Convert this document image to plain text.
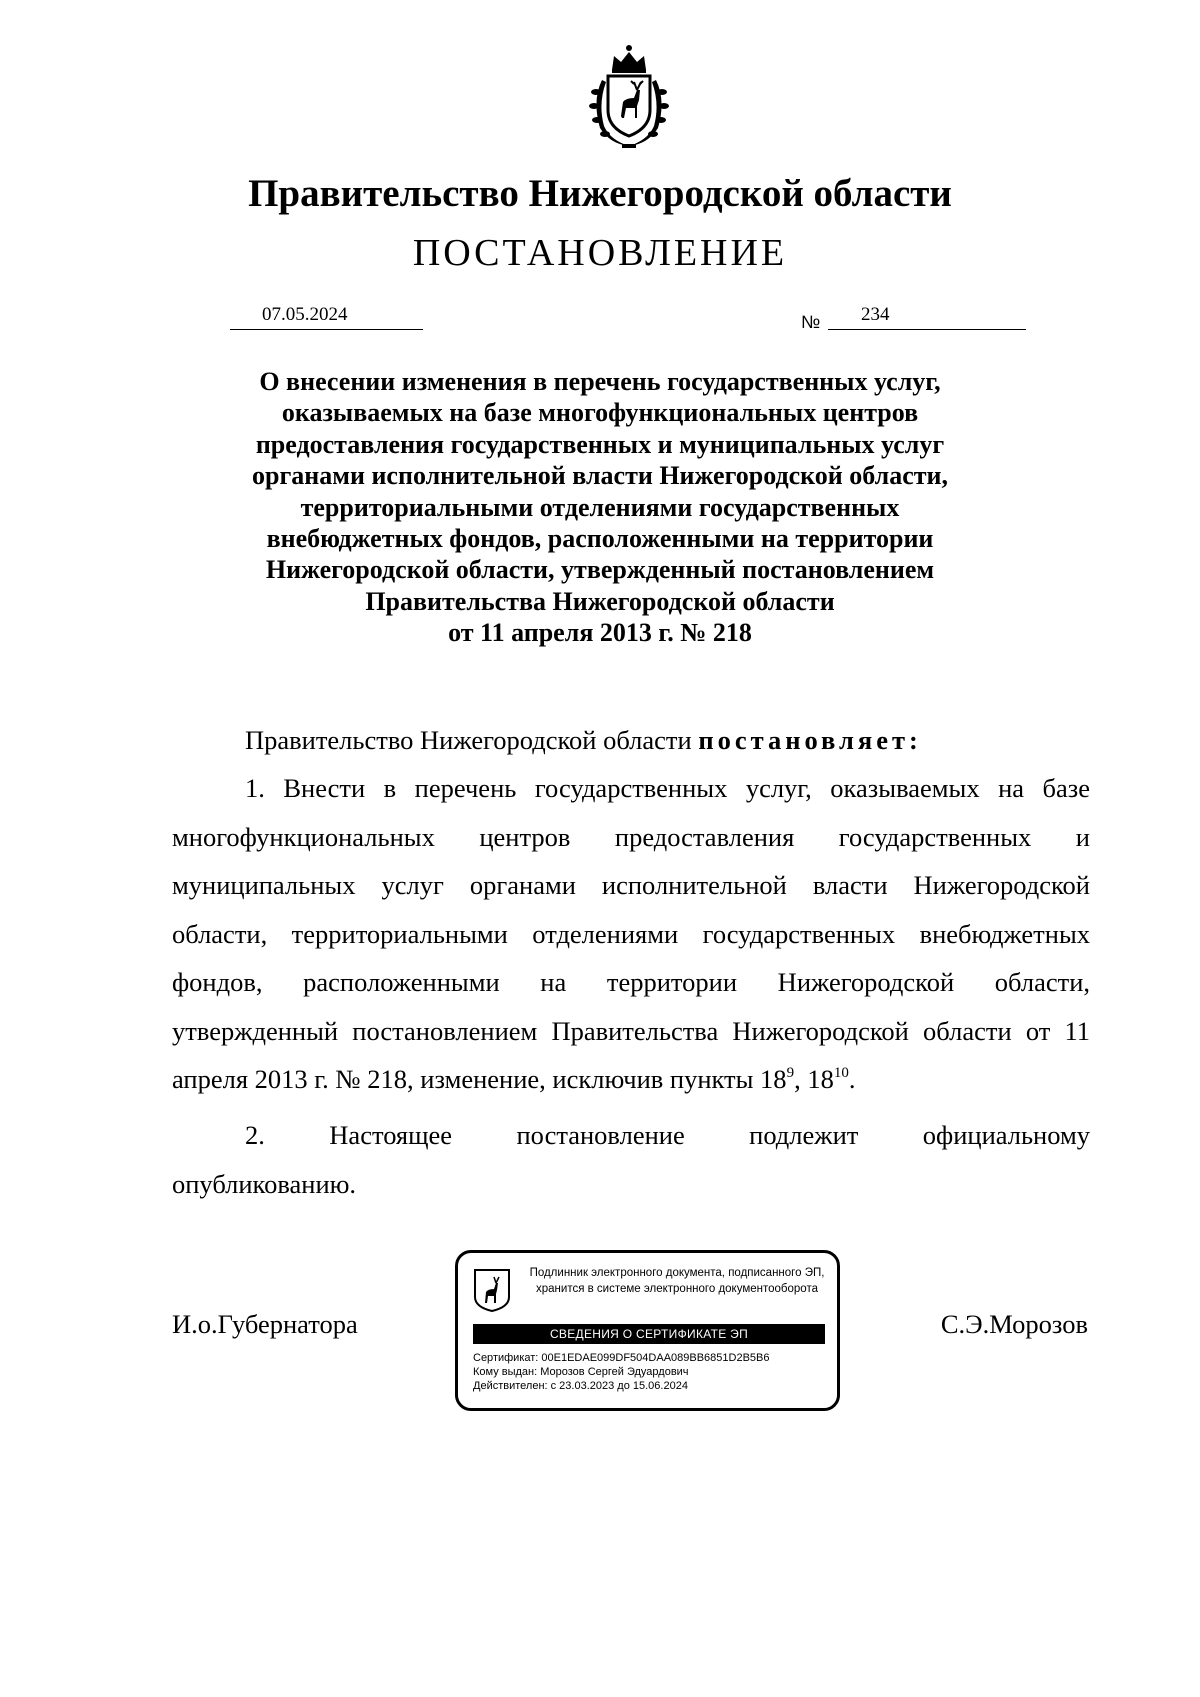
Правительство Нижегородской области
ПОСТАНОВЛЕНИЕ
07.05.2024	№ 234
О внесении изменения в перечень государственных услуг,
оказываемых на базе многофункциональных центров
предоставления государственных и муниципальных услуг
органами исполнительной власти Нижегородской области,
территориальными отделениями государственных
внебюджетных фондов, расположенными на территории
Нижегородской области, утвержденный постановлением
Правительства Нижегородской области
от 11 апреля 2013 г. № 218
Правительство Нижегородской области постановляет:
1. Внести в перечень государственных услуг, оказываемых на базе многофункциональных центров предоставления государственных и муниципальных услуг органами исполнительной власти Нижегородской области, территориальными отделениями государственных внебюджетных фондов, расположенными на территории Нижегородской области, утвержденный постановлением Правительства Нижегородской области от 11 апреля 2013 г. № 218, изменение, исключив пункты $18^9$, $18^{10}$.
2. Настоящее постановление подлежит официальному
опубликованию.
И.о.Губернатора	С.Э.Морозов
Подлинник электронного документа, подписанного ЭП,
хранится в системе электронного документооборота
СВЕДЕНИЯ О СЕРТИФИКАТЕ ЭП
Сертификат: 00E1EDAE099DF504DAA089BB6851D2B5B6
Кому выдан: Морозов Сергей Эдуардович
Действителен: с 23.03.2023 до 15.06.2024
